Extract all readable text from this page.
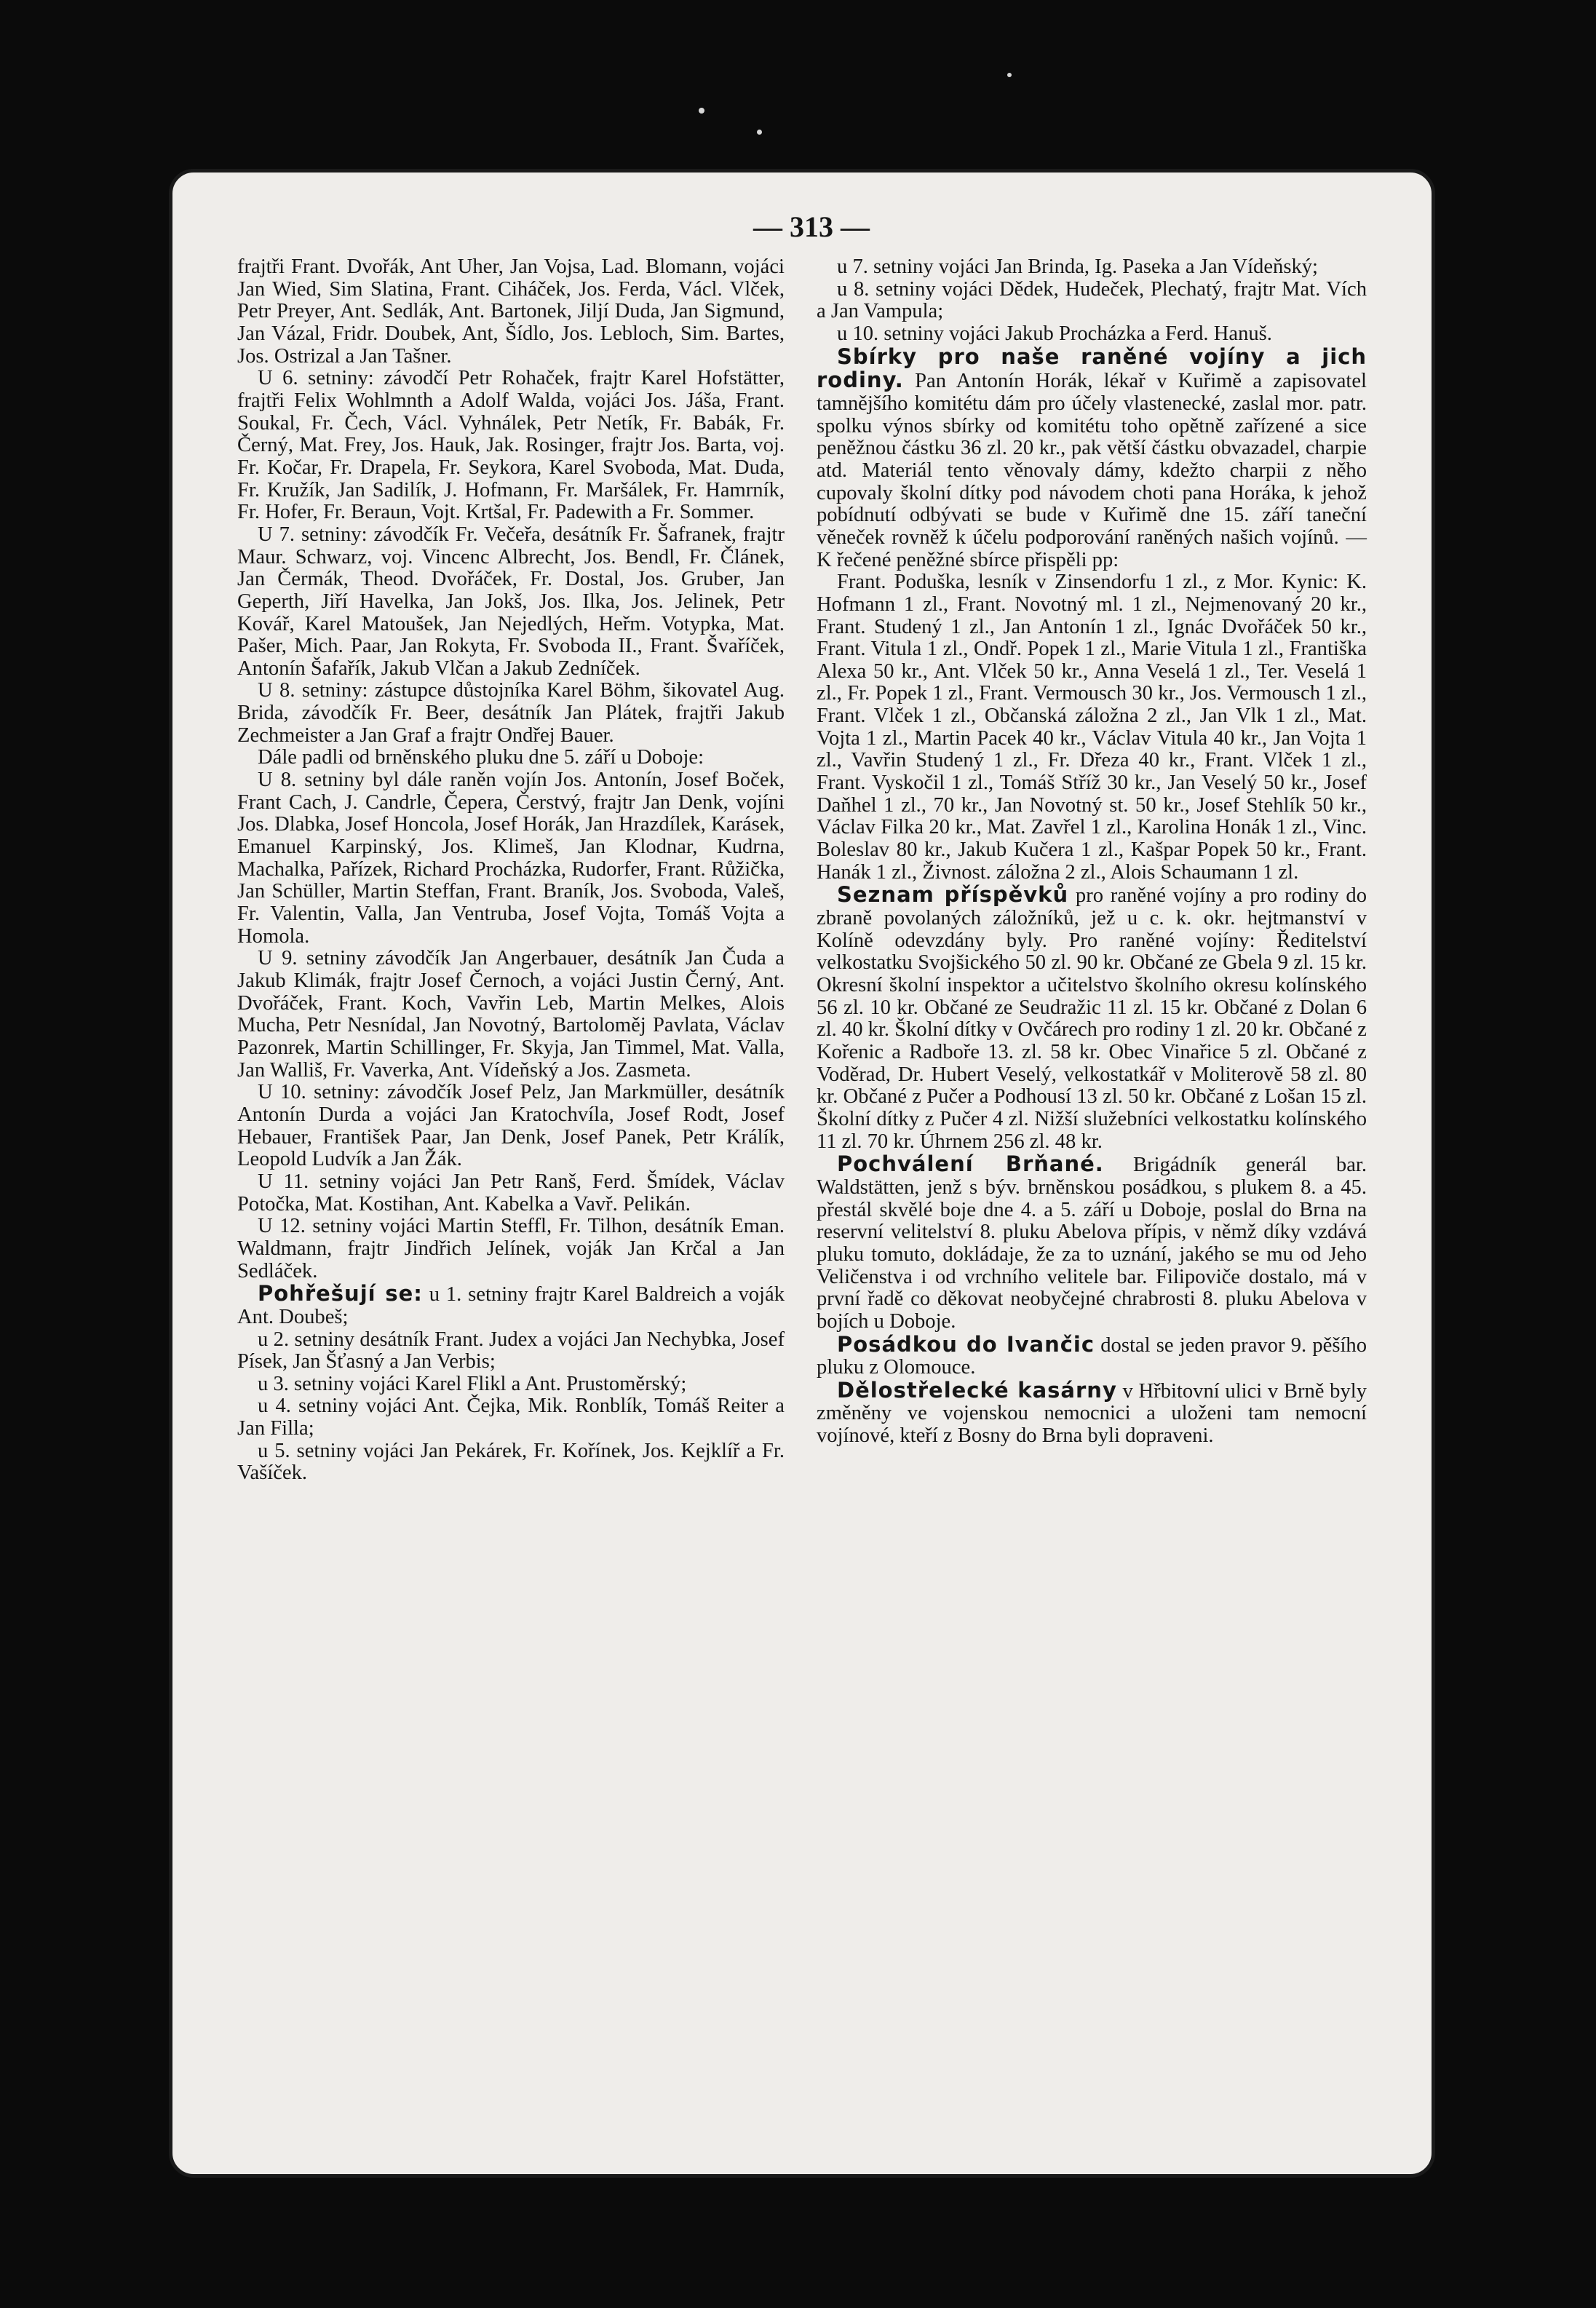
— 313 —

frajtři Frant. Dvořák, Ant Uher, Jan Vojsa, Lad. Blomann, vojáci Jan Wied, Sim Slatina, Frant. Ciháček, Jos. Ferda, Václ. Vlček, Petr Preyer, Ant. Sedlák, Ant. Bartonek, Jiljí Duda, Jan Sigmund, Jan Vázal, Fridr. Doubek, Ant, Šídlo, Jos. Lebloch, Sim. Bartes, Jos. Ostrizal a Jan Tašner.

U 6. setniny: závodčí Petr Rohaček, frajtr Karel Hofstätter, frajtři Felix Wohlmnth a Adolf Walda, vojáci Jos. Jáša, Frant. Soukal, Fr. Čech, Václ. Vyhnálek, Petr Netík, Fr. Babák, Fr. Černý, Mat. Frey, Jos. Hauk, Jak. Rosinger, frajtr Jos. Barta, voj. Fr. Kočar, Fr. Drapela, Fr. Seykora, Karel Svoboda, Mat. Duda, Fr. Kružík, Jan Sadilík, J. Hofmann, Fr. Maršálek, Fr. Hamrník, Fr. Hofer, Fr. Beraun, Vojt. Krtšal, Fr. Padewith a Fr. Sommer.

U 7. setniny: závodčík Fr. Večeřa, desátník Fr. Šafranek, frajtr Maur. Schwarz, voj. Vincenc Albrecht, Jos. Bendl, Fr. Článek, Jan Čermák, Theod. Dvořáček, Fr. Dostal, Jos. Gruber, Jan Geperth, Jiří Havelka, Jan Jokš, Jos. Ilka, Jos. Jelinek, Petr Kovář, Karel Matoušek, Jan Nejedlých, Heřm. Votypka, Mat. Pašer, Mich. Paar, Jan Rokyta, Fr. Svoboda II., Frant. Švaříček, Antonín Šafařík, Jakub Vlčan a Jakub Zedníček.

U 8. setniny: zástupce důstojníka Karel Böhm, šikovatel Aug. Brida, závodčík Fr. Beer, desátník Jan Plátek, frajtři Jakub Zechmeister a Jan Graf a frajtr Ondřej Bauer.

Dále padli od brněnského pluku dne 5. září u Doboje:

U 8. setniny byl dále raněn vojín Jos. Antonín, Josef Boček, Frant Cach, J. Candrle, Čepera, Čerstvý, frajtr Jan Denk, vojíni Jos. Dlabka, Josef Honcola, Josef Horák, Jan Hrazdílek, Karásek, Emanuel Karpinský, Jos. Klimeš, Jan Klodnar, Kudrna, Machalka, Pařízek, Richard Procházka, Rudorfer, Frant. Růžička, Jan Schüller, Martin Steffan, Frant. Braník, Jos. Svoboda, Valeš, Fr. Valentin, Valla, Jan Ventruba, Josef Vojta, Tomáš Vojta a Homola.

U 9. setniny závodčík Jan Angerbauer, desátník Jan Čuda a Jakub Klimák, frajtr Josef Černoch, a vojáci Justin Černý, Ant. Dvořáček, Frant. Koch, Vavřin Leb, Martin Melkes, Alois Mucha, Petr Nesnídal, Jan Novotný, Bartoloměj Pavlata, Václav Pazonrek, Martin Schillinger, Fr. Skyja, Jan Timmel, Mat. Valla, Jan Walliš, Fr. Vaverka, Ant. Vídeňský a Jos. Zasmeta.

U 10. setniny: závodčík Josef Pelz, Jan Markmüller, desátník Antonín Durda a vojáci Jan Kratochvíla, Josef Rodt, Josef Hebauer, František Paar, Jan Denk, Josef Panek, Petr Králík, Leopold Ludvík a Jan Žák.

U 11. setniny vojáci Jan Petr Ranš, Ferd. Šmídek, Václav Potočka, Mat. Kostihan, Ant. Kabelka a Vavř. Pelikán.

U 12. setniny vojáci Martin Steffl, Fr. Tilhon, desátník Eman. Waldmann, frajtr Jindřich Jelínek, voják Jan Krčal a Jan Sedláček.

Pohřešují se: u 1. setniny frajtr Karel Baldreich a voják Ant. Doubeš;

u 2. setniny desátník Frant. Judex a vojáci Jan Nechybka, Josef Písek, Jan Šťasný a Jan Verbis;

u 3. setniny vojáci Karel Flikl a Ant. Prustoměrský;

u 4. setniny vojáci Ant. Čejka, Mik. Ronblík, Tomáš Reiter a Jan Filla;

u 5. setniny vojáci Jan Pekárek, Fr. Kořínek, Jos. Kejklíř a Fr. Vašíček.

u 7. setniny vojáci Jan Brinda, Ig. Paseka a Jan Vídeňský;

u 8. setniny vojáci Dědek, Hudeček, Plechatý, frajtr Mat. Vích a Jan Vampula;

u 10. setniny vojáci Jakub Procházka a Ferd. Hanuš.

Sbírky pro naše raněné vojíny a jich rodiny. Pan Antonín Horák, lékař v Kuřimě a zapisovatel tamnějšího komitétu dám pro účely vlastenecké, zaslal mor. patr. spolku výnos sbírky od komitétu toho opětně zařízené a sice peněžnou částku 36 zl. 20 kr., pak větší částku obvazadel, charpie atd. Materiál tento věnovaly dámy, kdežto charpii z něho cupovaly školní dítky pod návodem choti pana Horáka, k jehož pobídnutí odbývati se bude v Kuřimě dne 15. září taneční věneček rovněž k účelu podporování raněných našich vojínů. — K řečené peněžné sbírce přispěli pp:

Frant. Poduška, lesník v Zinsendorfu 1 zl., z Mor. Kynic: K. Hofmann 1 zl., Frant. Novotný ml. 1 zl., Nejmenovaný 20 kr., Frant. Studený 1 zl., Jan Antonín 1 zl., Ignác Dvořáček 50 kr., Frant. Vitula 1 zl., Ondř. Popek 1 zl., Marie Vitula 1 zl., Františka Alexa 50 kr., Ant. Vlček 50 kr., Anna Veselá 1 zl., Ter. Veselá 1 zl., Fr. Popek 1 zl., Frant. Vermousch 30 kr., Jos. Vermousch 1 zl., Frant. Vlček 1 zl., Občanská záložna 2 zl., Jan Vlk 1 zl., Mat. Vojta 1 zl., Martin Pacek 40 kr., Václav Vitula 40 kr., Jan Vojta 1 zl., Vavřin Studený 1 zl., Fr. Dřeza 40 kr., Frant. Vlček 1 zl., Frant. Vyskočil 1 zl., Tomáš Stříž 30 kr., Jan Veselý 50 kr., Josef Daňhel 1 zl., 70 kr., Jan Novotný st. 50 kr., Josef Stehlík 50 kr., Václav Filka 20 kr., Mat. Zavřel 1 zl., Karolina Honák 1 zl., Vinc. Boleslav 80 kr., Jakub Kučera 1 zl., Kašpar Popek 50 kr., Frant. Hanák 1 zl., Živnost. záložna 2 zl., Alois Schaumann 1 zl.

Seznam příspěvků pro raněné vojíny a pro rodiny do zbraně povolaných záložníků, jež u c. k. okr. hejtmanství v Kolíně odevzdány byly. Pro raněné vojíny: Ředitelství velkostatku Svojšického 50 zl. 90 kr. Občané ze Gbela 9 zl. 15 kr. Okresní školní inspektor a učitelstvo školního okresu kolínského 56 zl. 10 kr. Občané ze Seudražic 11 zl. 15 kr. Občané z Dolan 6 zl. 40 kr. Školní dítky v Ovčárech pro rodiny 1 zl. 20 kr. Občané z Kořenic a Radboře 13. zl. 58 kr. Obec Vinařice 5 zl. Občané z Voděrad, Dr. Hubert Veselý, velkostatkář v Moliterově 58 zl. 80 kr. Občané z Pučer a Podhousí 13 zl. 50 kr. Občané z Lošan 15 zl. Školní dítky z Pučer 4 zl. Nižší služebníci velkostatku kolínského 11 zl. 70 kr. Úhrnem 256 zl. 48 kr.

Pochválení Brňané. Brigádník generál bar. Waldstätten, jenž s býv. brněnskou posádkou, s plukem 8. a 45. přestál skvělé boje dne 4. a 5. září u Doboje, poslal do Brna na reservní velitelství 8. pluku Abelova přípis, v němž díky vzdává pluku tomuto, dokládaje, že za to uznání, jakého se mu od Jeho Veličenstva i od vrchního velitele bar. Filipoviče dostalo, má v první řadě co děkovat neobyčejné chrabrosti 8. pluku Abelova v bojích u Doboje.

Posádkou do Ivančic dostal se jeden pravor 9. pěšího pluku z Olomouce.

Dělostřelecké kasárny v Hřbitovní ulici v Brně byly změněny ve vojenskou nemocnici a uloženi tam nemocní vojínové, kteří z Bosny do Brna byli dopraveni.
